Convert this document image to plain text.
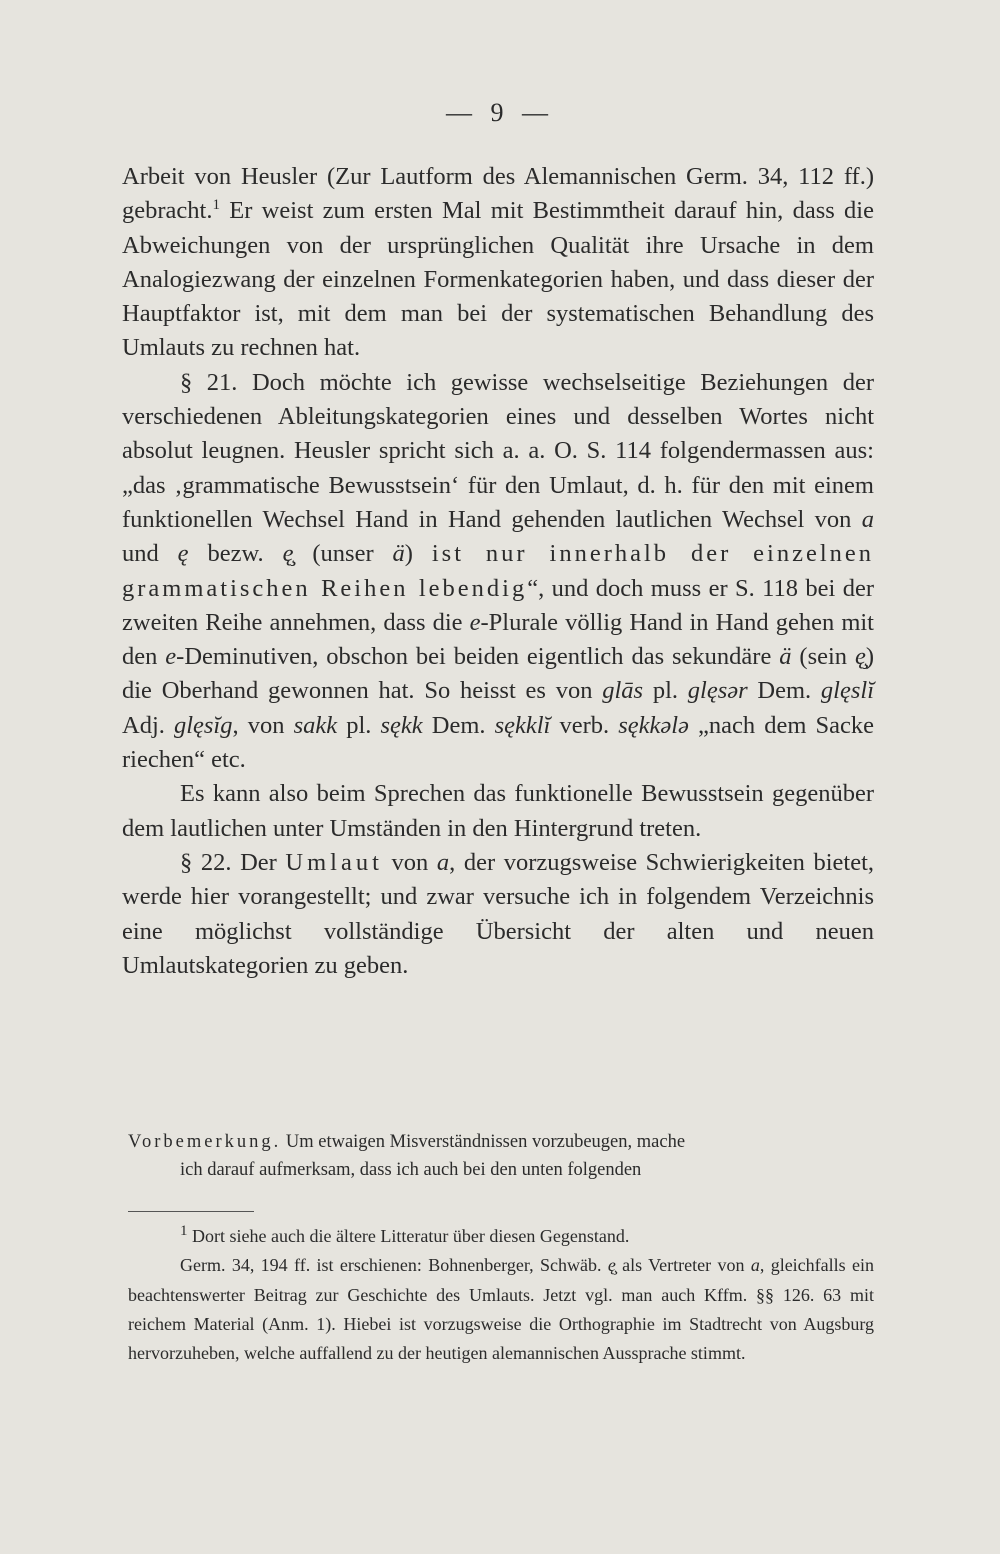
— 9 —

Arbeit von Heusler (Zur Lautform des Alemannischen Germ. 34, 112 ff.) gebracht.$^1$ Er weist zum ersten Mal mit Bestimmtheit darauf hin, dass die Abweichungen von der ursprünglichen Qualität ihre Ursache in dem Analogiezwang der einzelnen Formenkategorien haben, und dass dieser der Hauptfaktor ist, mit dem man bei der systematischen Behandlung des Umlauts zu rechnen hat.

§ 21. Doch möchte ich gewisse wechselseitige Beziehungen der verschiedenen Ableitungskategorien eines und desselben Wortes nicht absolut leugnen. Heusler spricht sich a. a. O. S. 114 folgendermassen aus: „das ‚grammatische Bewusstsein‘ für den Umlaut, d. h. für den mit einem funktionellen Wechsel Hand in Hand gehenden lautlichen Wechsel von a und ę bezw. ę̧ (unser ä) ist nur innerhalb der einzelnen grammatischen Reihen lebendig“, und doch muss er S. 118 bei der zweiten Reihe annehmen, dass die e-Plurale völlig Hand in Hand gehen mit den e-Deminutiven, obschon bei beiden eigentlich das sekundäre ä (sein ę̧) die Oberhand gewonnen hat. So heisst es von glās pl. glęsər Dem. glęslĭ Adj. glęsĭg, von sakk pl. sękk Dem. sękklĭ verb. sękkələ „nach dem Sacke riechen“ etc.

Es kann also beim Sprechen das funktionelle Bewusstsein gegenüber dem lautlichen unter Umständen in den Hintergrund treten.

§ 22. Der Umlaut von a, der vorzugsweise Schwierigkeiten bietet, werde hier vorangestellt; und zwar versuche ich in folgendem Verzeichnis eine möglichst vollständige Übersicht der alten und neuen Umlautskategorien zu geben.

Vorbemerkung. Um etwaigen Misverständnissen vorzubeugen, mache
ich darauf aufmerksam, dass ich auch bei den unten folgenden

$^1$ Dort siehe auch die ältere Litteratur über diesen Gegenstand.

Germ. 34, 194 ff. ist erschienen: Bohnenberger, Schwäb. ę̧ als Vertreter von a, gleichfalls ein beachtenswerter Beitrag zur Geschichte des Umlauts. Jetzt vgl. man auch Kffm. §§ 126. 63 mit reichem Material (Anm. 1). Hiebei ist vorzugsweise die Orthographie im Stadtrecht von Augsburg hervorzuheben, welche auffallend zu der heutigen alemannischen Aussprache stimmt.
